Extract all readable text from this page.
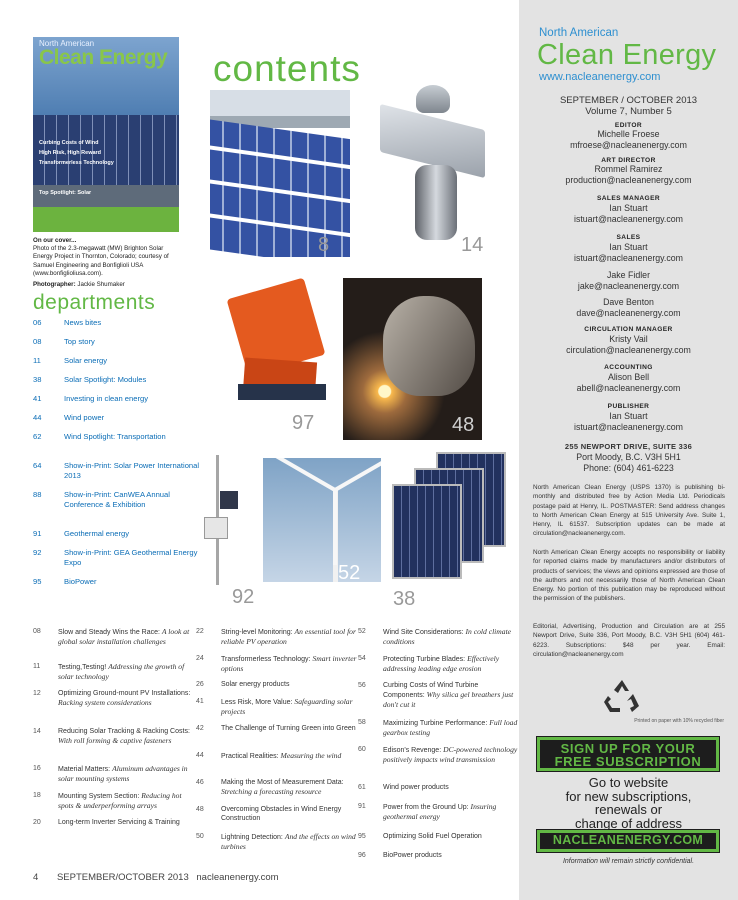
North American
Clean Energy
Curbing Costs of Wind
High Risk, High Reward
Transformerless Technology
Top Spotlight: Solar
On our cover...
Photo of the 2.3-megawatt (MW) Brighton Solar Energy Project in Thornton, Colorado; courtesy of Samuel Engineering and Bonfiglioli USA (www.bonfiglioliusa.com).
Photographer: Jackie Shumaker
contents
departments
06	News bites
08	Top story
11	Solar energy
38	Solar Spotlight: Modules
41	Investing in clean energy
44	Wind power
62	Wind Spotlight: Transportation
64	Show-in-Print: Solar Power International 2013
88	Show-in-Print: CanWEA Annual Conference & Exhibition
91	Geothermal energy
92	Show-in-Print: GEA Geothermal Energy Expo
95	BioPower
8	14
97	48
92
52
38
08 Slow and Steady Wins the Race: A look at global solar installation challenges
11	Testing,Testing! Addressing the growth of solar technology
12 Optimizing Ground-mount PV Installations: Racking system considerations
14 Reducing Solar Tracking & Racking Costs: With roll forming & captive fasteners
16 Material Matters: Aluminum advantages in solar mounting systems
18 Mounting System Section: Reducing hot spots & underperforming arrays
20 Long-term Inverter Servicing & Training
22 String-level Monitoring: An essential tool for reliable PV operation
24 Transformerless Technology: Smart inverter options
26 Solar energy products
41 Less Risk, More Value: Safeguarding solar projects
42 The Challenge of Turning Green into Green
44 Practical Realities: Measuring the wind
46 Making the Most of Measurement Data: Stretching a forecasting resource
48 Overcoming Obstacles in Wind Energy Construction
50 Lightning Detection: And the effects on wind turbines
52 Wind Site Considerations: In cold climate conditions
54 Protecting Turbine Blades: Effectively addressing leading edge erosion
56 Curbing Costs of Wind Turbine Components: Why silica gel breathers just don't cut it
58 Maximizing Turbine Performance: Full load gearbox testing
60 Edison's Revenge: DC-powered technology positively impacts wind transmission
61 Wind power products
91 Power from the Ground Up: Insuring geothermal energy
95 Optimizing Solid Fuel Operation
96 BioPower products
4 SEPTEMBER/OCTOBER 2013 nacleanenergy.com
North American
Clean Energy
www.nacleanenergy.com
SEPTEMBER / OCTOBER 2013
Volume 7, Number 5
EDITOR
Michelle Froese
mfroese@nacleanenergy.com
ART DIRECTOR
Rommel Ramirez
production@nacleanenergy.com
SALES MANAGER
Ian Stuart
istuart@nacleanenergy.com
SALES
Ian Stuart
istuart@nacleanenergy.com
Jake Fidler
jake@nacleanenergy.com
Dave Benton
dave@nacleanenergy.com
CIRCULATION MANAGER
Kristy Vail
circulation@nacleanenergy.com
ACCOUNTING
Alison Bell
abell@nacleanenergy.com
PUBLISHER
Ian Stuart
istuart@nacleanenergy.com
255 NEWPORT DRIVE, SUITE 336
Port Moody, B.C. V3H 5H1
Phone: (604) 461-6223
North American Clean Energy (USPS 1370) is publishing bi-monthly and distributed free by Action Media Ltd. Periodicals postage paid at Henry, IL. POSTMASTER: Send address changes to North American Clean Energy at 515 University Ave. Suite 1, Henry, IL 61537. Subscription updates can be made at circulation@nacleanenergy.com.
North American Clean Energy accepts no responsibility or liability for reported claims made by manufacturers and/or distributors of products of services; the views and opinions expressed are those of the authors and not necessarily those of North American Clean Energy. No portion of this publication may be reproduced without the permission of the publishers.
Editorial, Advertising, Production and Circulation are at 255 Newport Drive, Suite 336, Port Moody, B.C. V3H 5H1 (604) 461-6223. Subscriptions: $48 per year. Email: circulation@nacleanenergy.com
Printed on paper with 10% recycled fiber
SIGN UP FOR YOUR
FREE SUBSCRIPTION
Go to website
for new subscriptions,
renewals or
change of address
NACLEANENERGY.COM
Information will remain strictly confidential.
